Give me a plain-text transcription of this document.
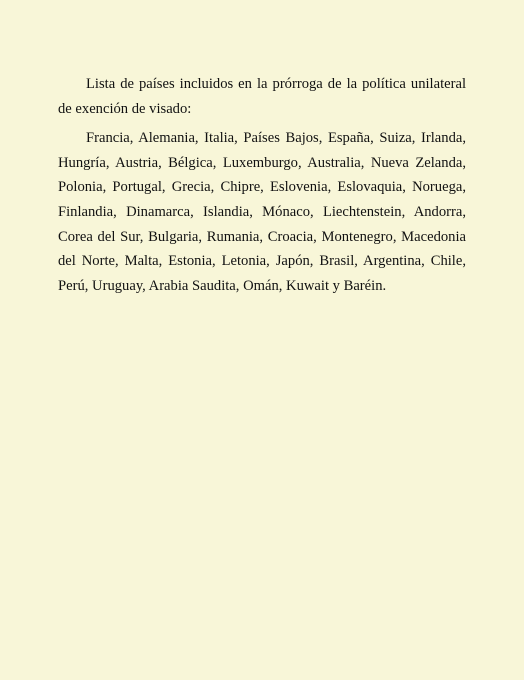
Lista de países incluidos en la prórroga de la política unilateral de exención de visado:

Francia, Alemania, Italia, Países Bajos, España, Suiza, Irlanda, Hungría, Austria, Bélgica, Luxemburgo, Australia, Nueva Zelanda, Polonia, Portugal, Grecia, Chipre, Eslovenia, Eslovaquia, Noruega, Finlandia, Dinamarca, Islandia, Mónaco, Liechtenstein, Andorra, Corea del Sur, Bulgaria, Rumania, Croacia, Montenegro, Macedonia del Norte, Malta, Estonia, Letonia, Japón, Brasil, Argentina, Chile, Perú, Uruguay, Arabia Saudita, Omán, Kuwait y Baréin.
